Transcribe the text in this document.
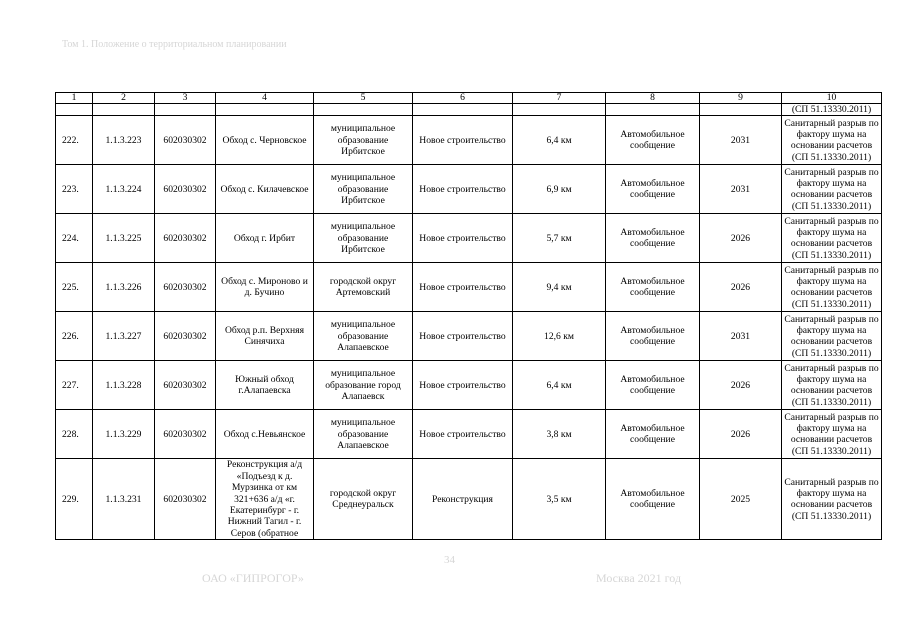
Том 1. Положение о территориальном планировании
1	2	3	4	5	6	7	8	9	10
									(СП 51.13330.2011)
222.	1.1.3.223	602030302	Обход с. Черновское	муниципальное образование Ирбитское	Новое строительство	6,4 км	Автомобильное сообщение	2031	Санитарный разрыв по фактору шума на основании расчетов (СП 51.13330.2011)
223.	1.1.3.224	602030302	Обход с. Килачевское	муниципальное образование Ирбитское	Новое строительство	6,9 км	Автомобильное сообщение	2031	Санитарный разрыв по фактору шума на основании расчетов (СП 51.13330.2011)
224.	1.1.3.225	602030302	Обход г. Ирбит	муниципальное образование Ирбитское	Новое строительство	5,7 км	Автомобильное сообщение	2026	Санитарный разрыв по фактору шума на основании расчетов (СП 51.13330.2011)
225.	1.1.3.226	602030302	Обход с. Мироново и д. Бучино	городской округ Артемовский	Новое строительство	9,4 км	Автомобильное сообщение	2026	Санитарный разрыв по фактору шума на основании расчетов (СП 51.13330.2011)
226.	1.1.3.227	602030302	Обход р.п. Верхняя Синячиха	муниципальное образование Алапаевское	Новое строительство	12,6 км	Автомобильное сообщение	2031	Санитарный разрыв по фактору шума на основании расчетов (СП 51.13330.2011)
227.	1.1.3.228	602030302	Южный обход г.Алапаевска	муниципальное образование город Алапаевск	Новое строительство	6,4 км	Автомобильное сообщение	2026	Санитарный разрыв по фактору шума на основании расчетов (СП 51.13330.2011)
228.	1.1.3.229	602030302	Обход с.Невьянское	муниципальное образование Алапаевское	Новое строительство	3,8 км	Автомобильное сообщение	2026	Санитарный разрыв по фактору шума на основании расчетов (СП 51.13330.2011)
229.	1.1.3.231	602030302	Реконструкция а/д «Подъезд к д. Мурзинка от км 321+636 а/д «г. Екатеринбург - г. Нижний Тагил - г. Серов (обратное	городской округ Среднеуральск	Реконструкция	3,5 км	Автомобильное сообщение	2025	Санитарный разрыв по фактору шума на основании расчетов (СП 51.13330.2011)
34
ОАО «ГИПРОГОР»	Москва 2021 год
